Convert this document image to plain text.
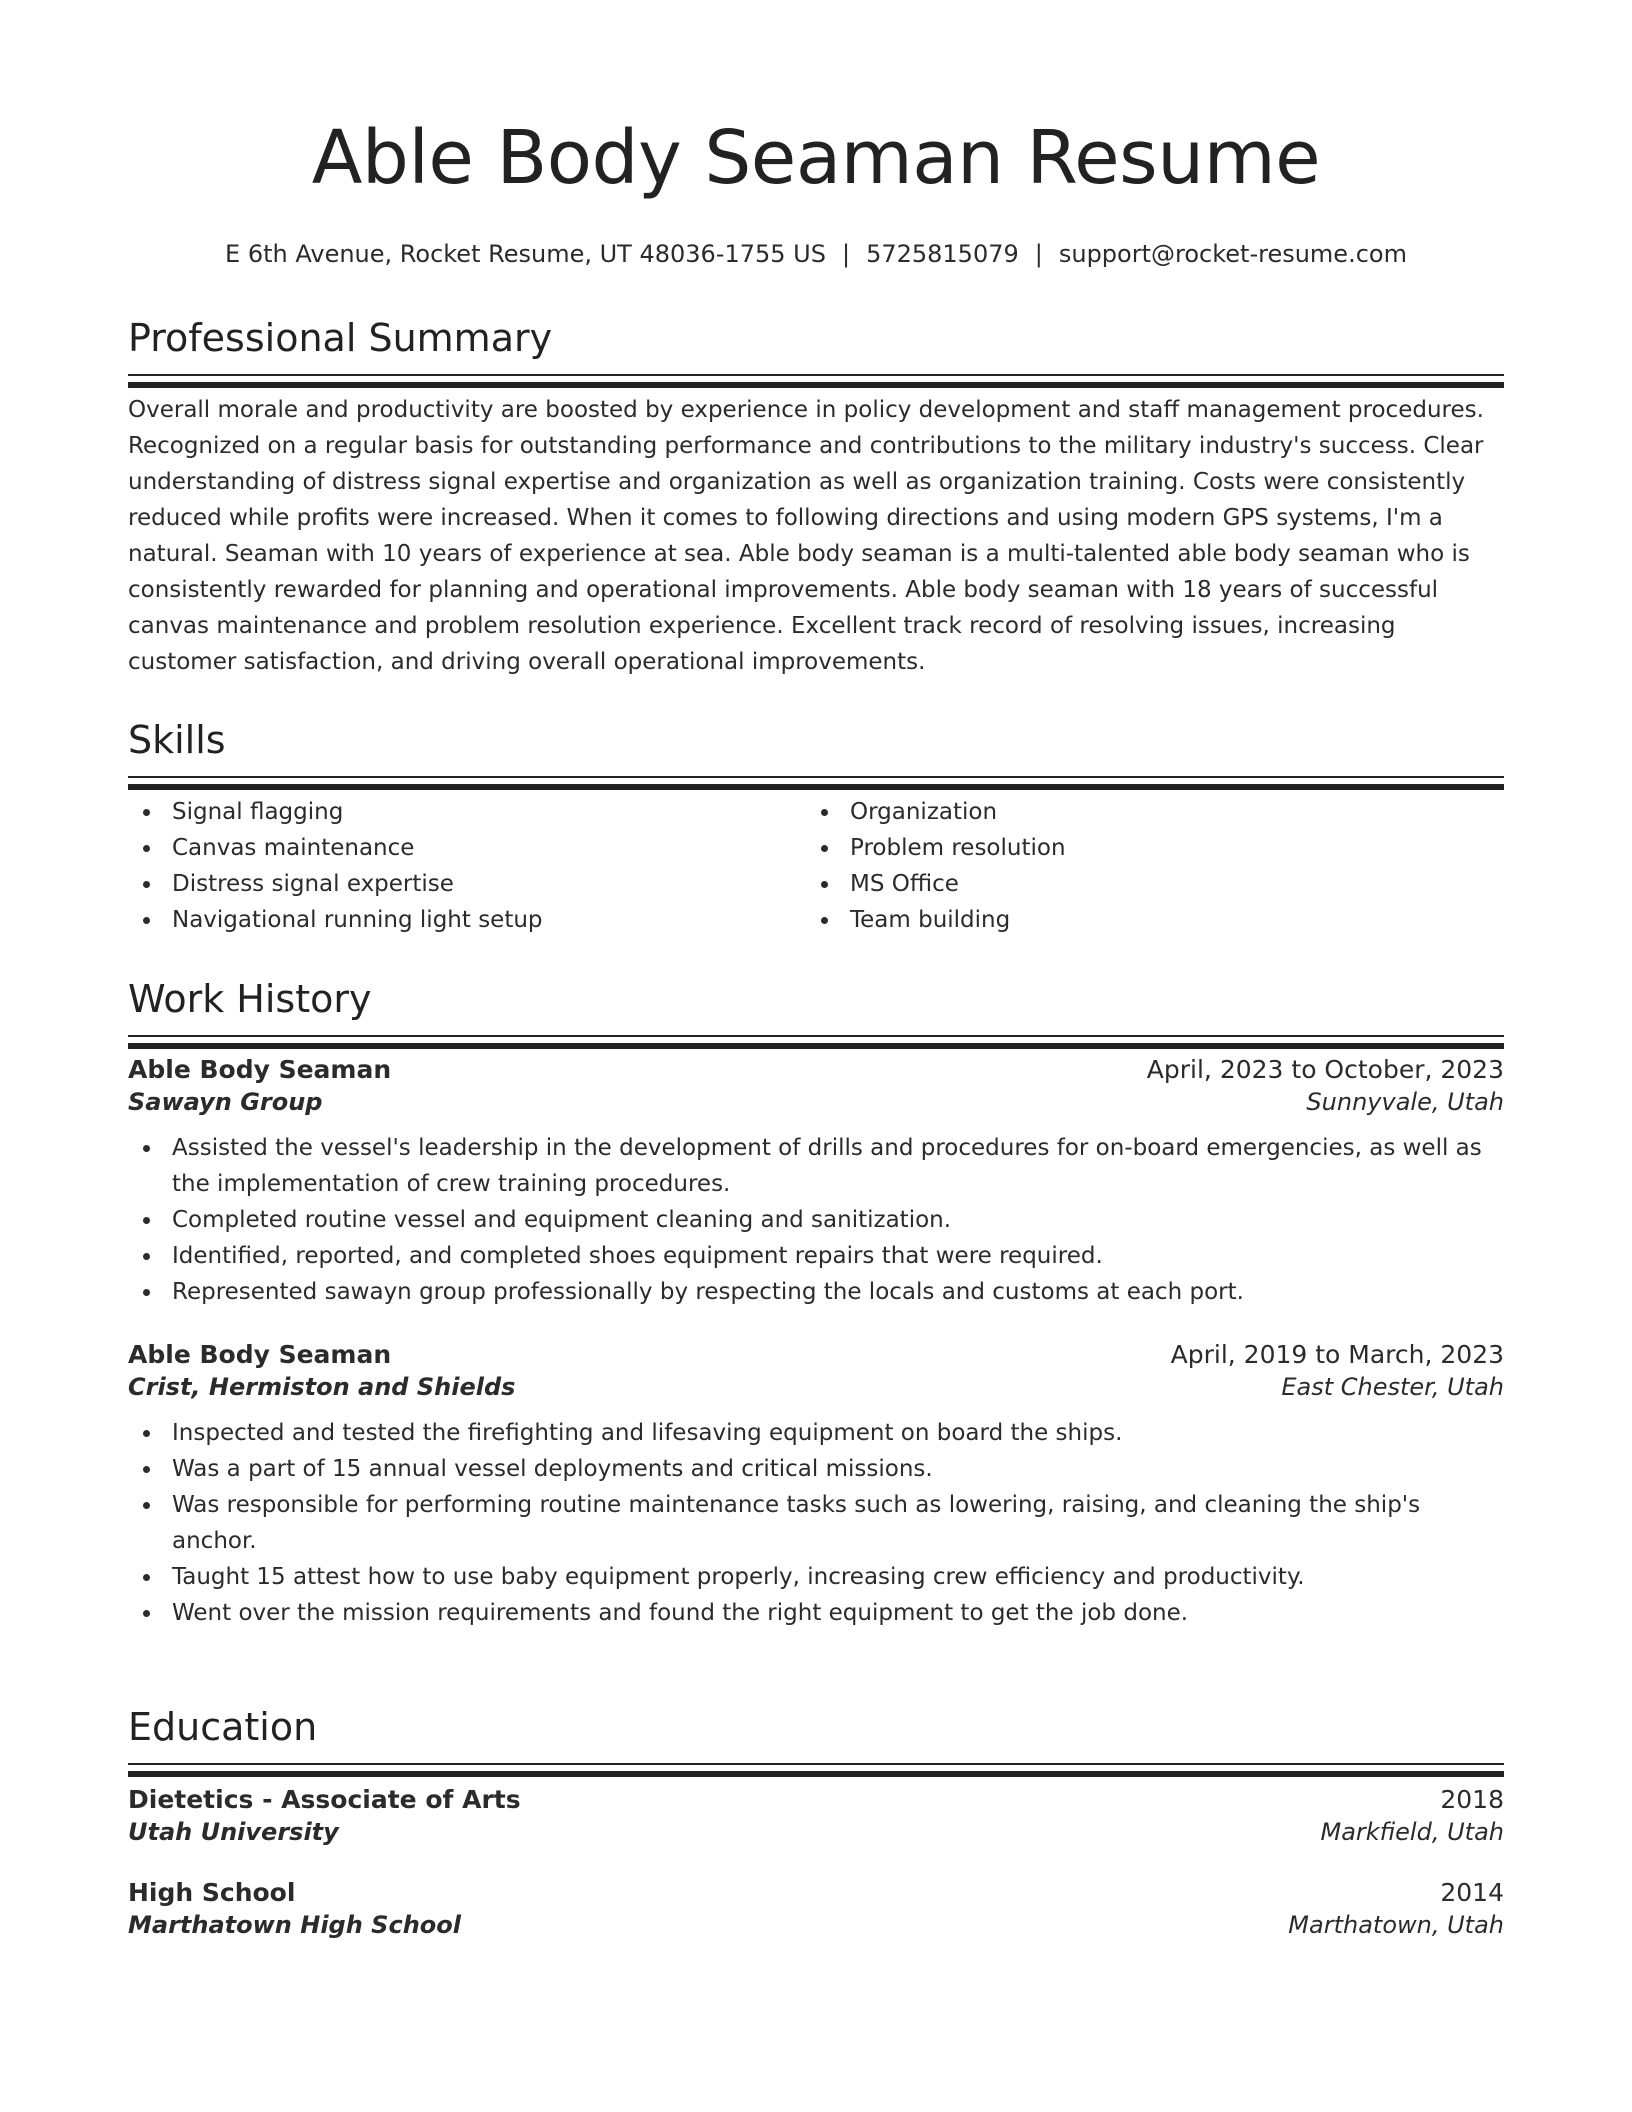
Able Body Seaman Resume
E 6th Avenue, Rocket Resume, UT 48036-1755 US | 5725815079 | support@rocket-resume.com
Professional Summary
Overall morale and productivity are boosted by experience in policy development and staff management procedures.
Recognized on a regular basis for outstanding performance and contributions to the military industry's success. Clear
understanding of distress signal expertise and organization as well as organization training. Costs were consistently
reduced while profits were increased. When it comes to following directions and using modern GPS systems, I'm a
natural. Seaman with 10 years of experience at sea. Able body seaman is a multi-talented able body seaman who is
consistently rewarded for planning and operational improvements. Able body seaman with 18 years of successful
canvas maintenance and problem resolution experience. Excellent track record of resolving issues, increasing
customer satisfaction, and driving overall operational improvements.
Skills
Signal flagging
Canvas maintenance
Distress signal expertise
Navigational running light setup
Organization
Problem resolution
MS Office
Team building
Work History
Able Body Seaman	April, 2023 to October, 2023
Sawayn Group	Sunnyvale, Utah
Assisted the vessel's leadership in the development of drills and procedures for on-board emergencies, as well as the implementation of crew training procedures.
Completed routine vessel and equipment cleaning and sanitization.
Identified, reported, and completed shoes equipment repairs that were required.
Represented sawayn group professionally by respecting the locals and customs at each port.
Able Body Seaman	April, 2019 to March, 2023
Crist, Hermiston and Shields	East Chester, Utah
Inspected and tested the firefighting and lifesaving equipment on board the ships.
Was a part of 15 annual vessel deployments and critical missions.
Was responsible for performing routine maintenance tasks such as lowering, raising, and cleaning the ship's anchor.
Taught 15 attest how to use baby equipment properly, increasing crew efficiency and productivity.
Went over the mission requirements and found the right equipment to get the job done.
Education
Dietetics - Associate of Arts	2018
Utah University	Markfield, Utah
High School	2014
Marthatown High School	Marthatown, Utah
